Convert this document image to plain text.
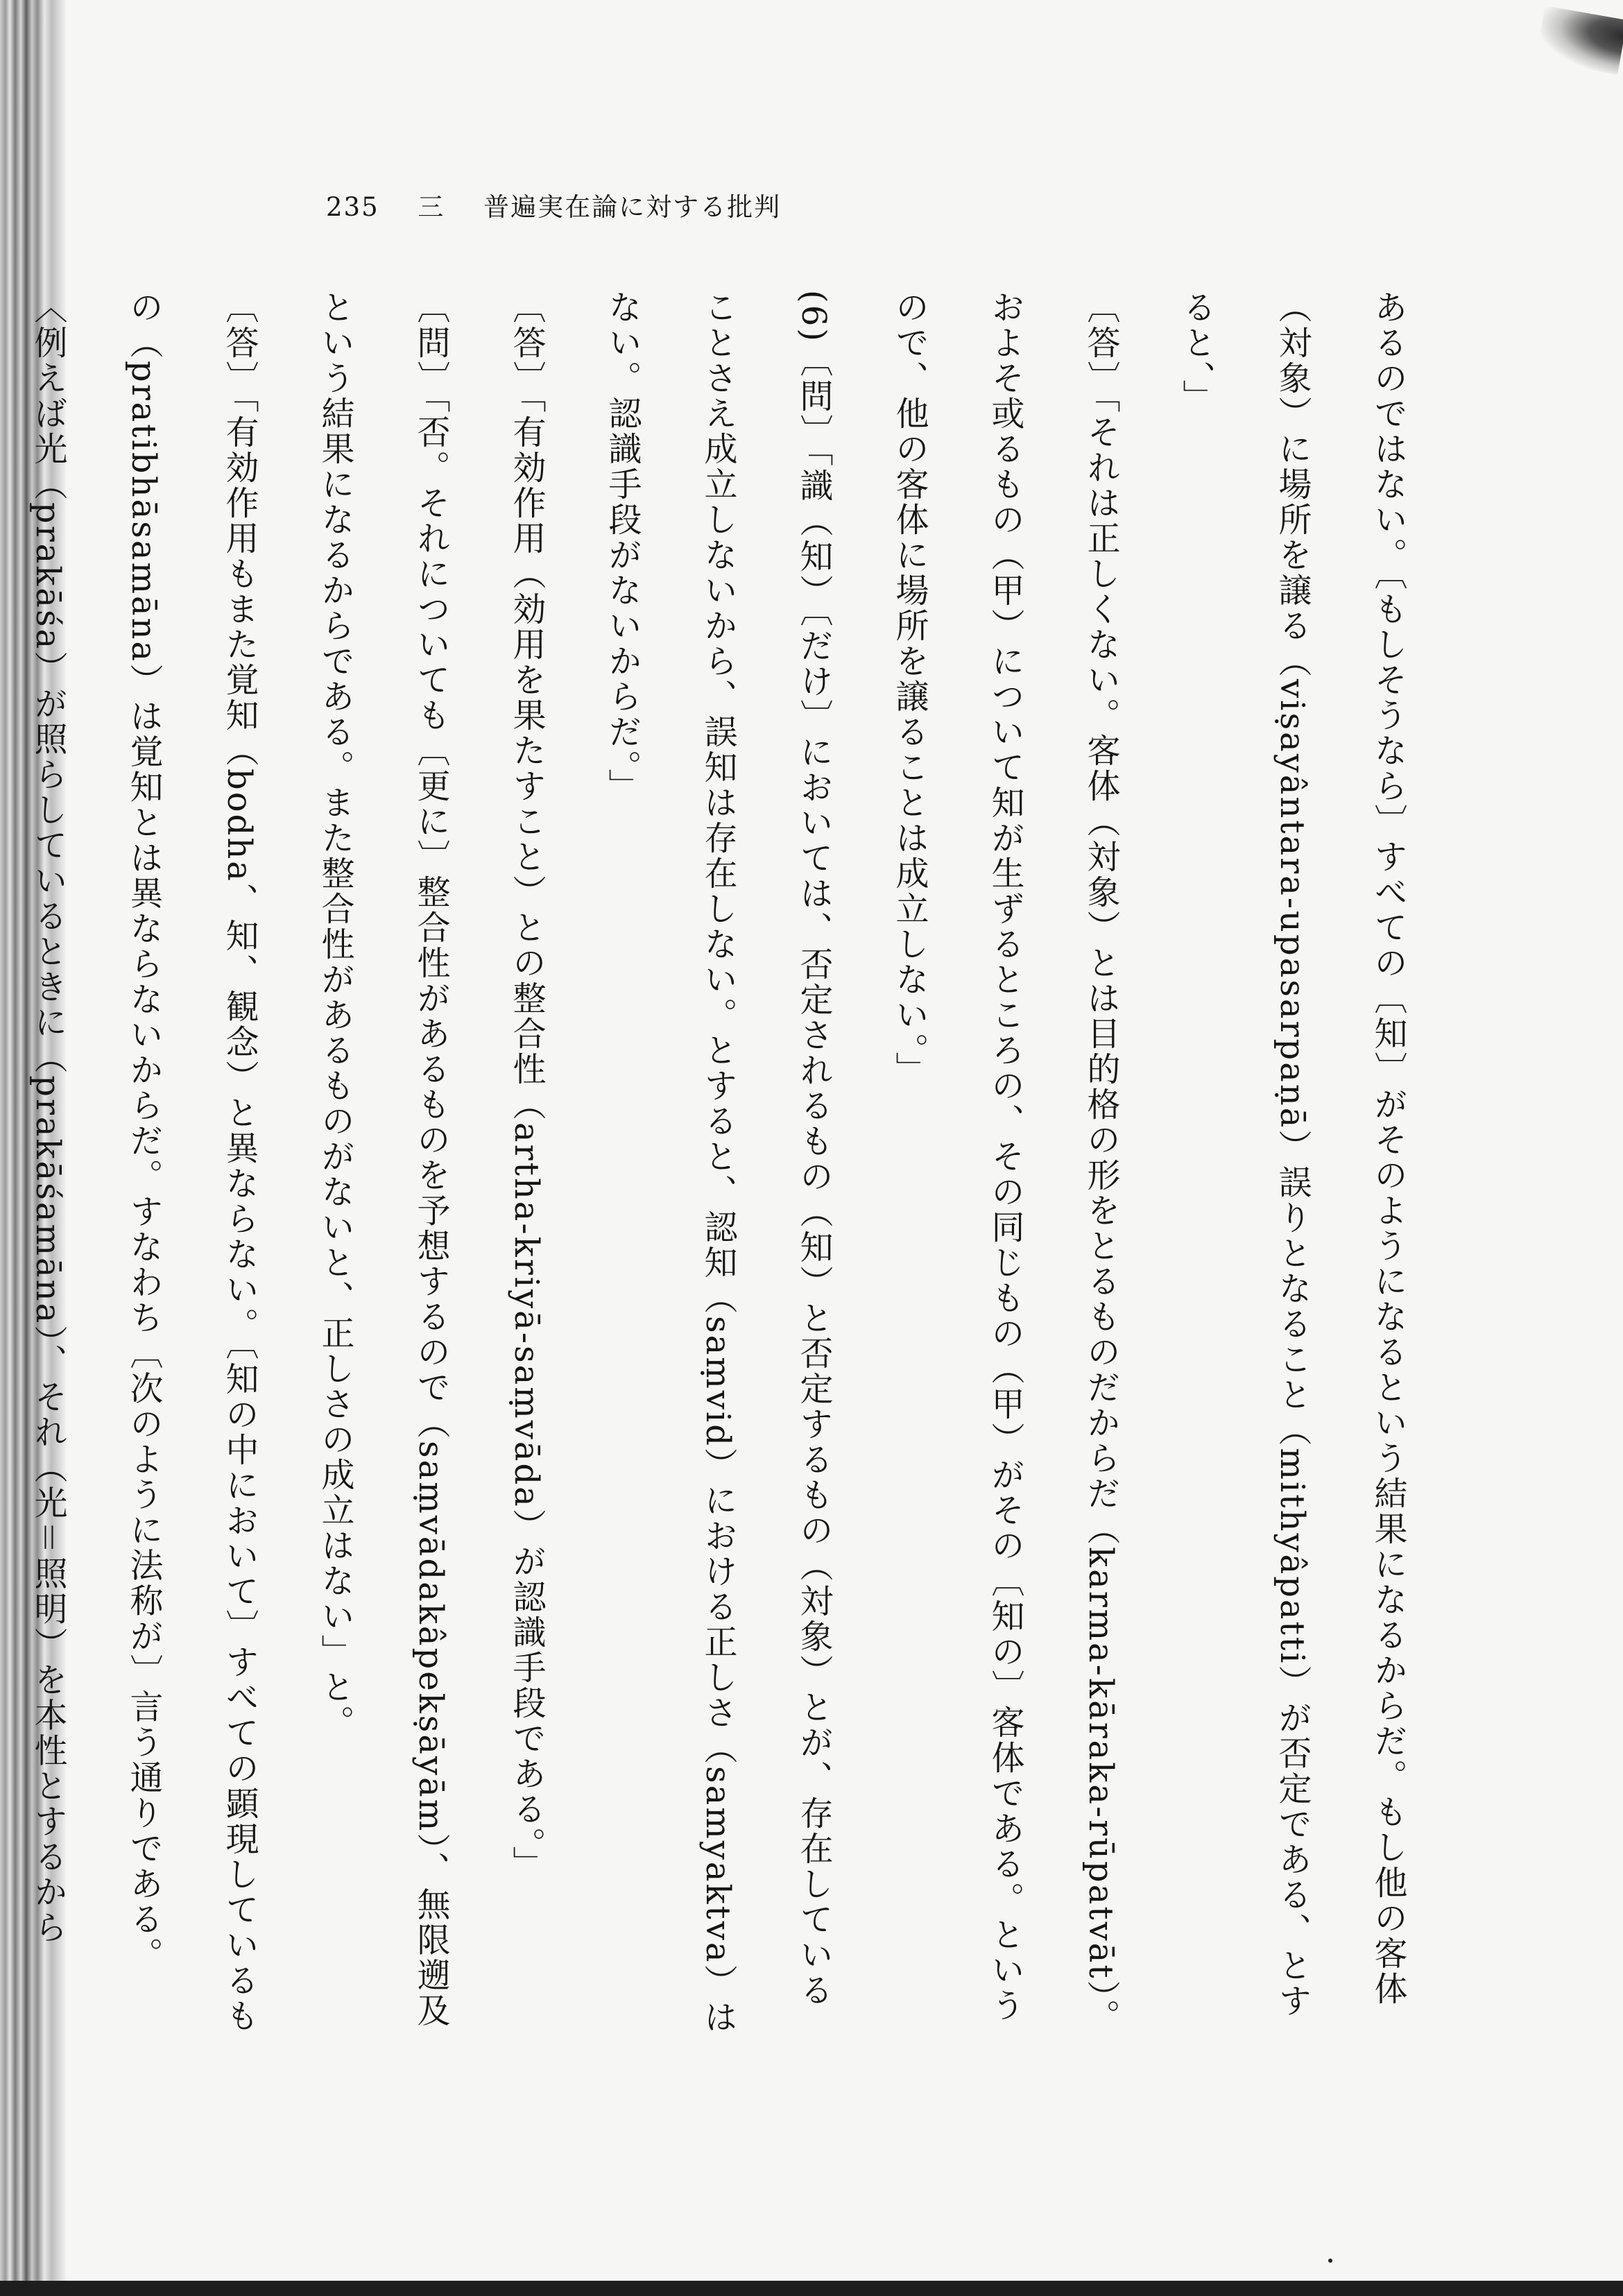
235 三 普遍実在論に対する批判

あるのではない。〔もしそうなら〕すべての〔知〕がそのようになるという結果になるからだ。もし他の客体（対象）に場所を譲る（viṣayântara-upasarpaṇā）誤りとなること（mithyâpatti）が否定である、とすると、」

〔答〕「それは正しくない。客体（対象）とは目的格の形をとるものだからだ（karma-kāraka-rūpatvāt）。およそ或るもの（甲）について知が生ずるところの、その同じもの（甲）がその〔知の〕客体である。というので、他の客体に場所を譲ることは成立しない。」

(6)〔問〕「識（知）〔だけ〕においては、否定されるもの（知）と否定するもの（対象）とが、存在していることさえ成立しないから、誤知は存在しない。とすると、認知（saṃvid）における正しさ（samyaktva）はない。認識手段がないからだ。」

〔答〕「有効作用（効用を果たすこと）との整合性（artha-kriyā-saṃvāda）が認識手段である。」

〔問〕「否。それについても〔更に〕整合性があるものを予想するので（saṃvādakâpekṣāyām）、無限遡及という結果になるからである。また整合性があるものがないと、正しさの成立はない」と。

〔答〕「有効作用もまた覚知（bodha、知、観念）と異ならない。〔知の中において〕すべての顕現しているもの（pratibhāsamāna）は覚知とは異ならないからだ。すなわち〔次のように法称が〕言う通りである。

〈例えば光（prakāśa）が照らしているときに（prakāśamāna）、それ（光＝照明）を本性とするから
